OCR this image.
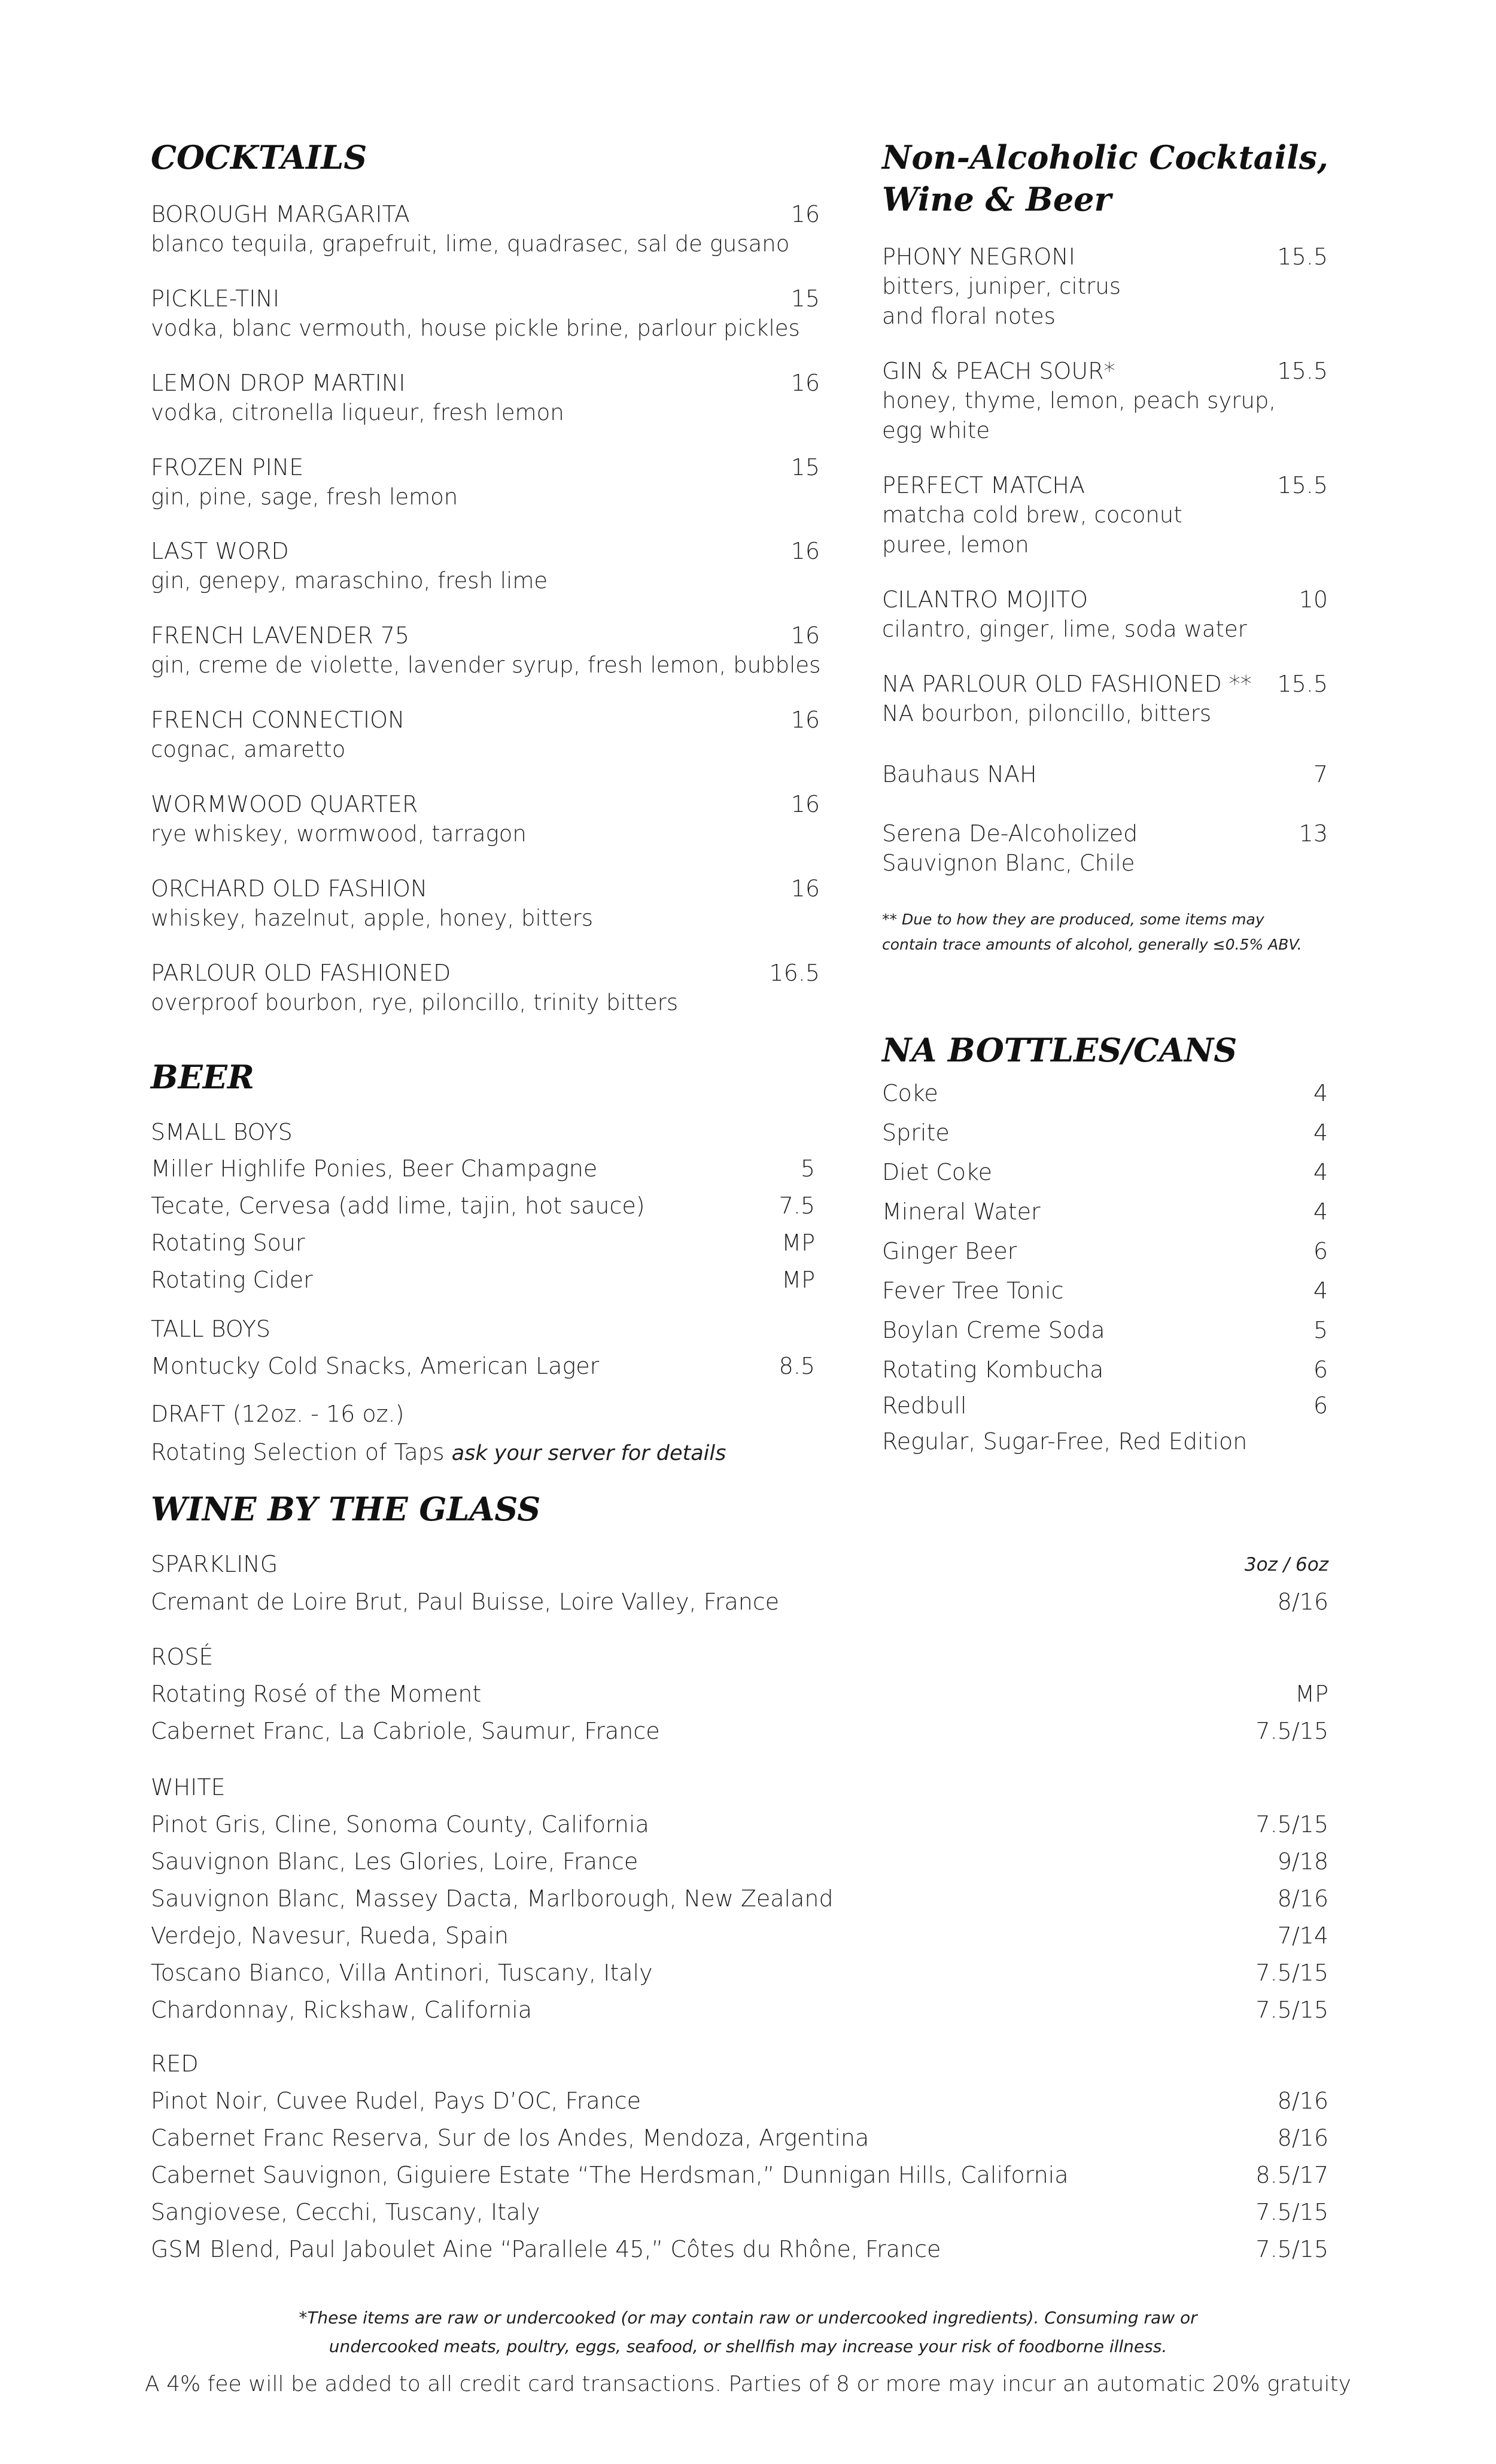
COCKTAILS
BOROUGH MARGARITA	16
blanco tequila, grapefruit, lime, quadrasec, sal de gusano
PICKLE-TINI	15
vodka, blanc vermouth, house pickle brine, parlour pickles
LEMON DROP MARTINI	16
vodka, citronella liqueur, fresh lemon
FROZEN PINE	15
gin, pine, sage, fresh lemon
LAST WORD	16
gin, genepy, maraschino, fresh lime
FRENCH LAVENDER 75	16
gin, creme de violette, lavender syrup, fresh lemon, bubbles
FRENCH CONNECTION	16
cognac, amaretto
WORMWOOD QUARTER	16
rye whiskey, wormwood, tarragon
ORCHARD OLD FASHION	16
whiskey, hazelnut, apple, honey, bitters
PARLOUR OLD FASHIONED	16.5
overproof bourbon, rye, piloncillo, trinity bitters
Non-Alcoholic Cocktails,
Wine & Beer
PHONY NEGRONI	15.5
bitters, juniper, citrus
and floral notes
GIN & PEACH SOUR*	15.5
honey, thyme, lemon, peach syrup,
egg white
PERFECT MATCHA	15.5
matcha cold brew, coconut
puree, lemon
CILANTRO MOJITO	10
cilantro, ginger, lime, soda water
NA PARLOUR OLD FASHIONED ** 15.5
NA bourbon, piloncillo, bitters
Bauhaus NAH	7
Serena De-Alcoholized	13
Sauvignon Blanc, Chile
** Due to how they are produced, some items may
contain trace amounts of alcohol, generally ≤0.5% ABV.
NA BOTTLES/CANS
Coke	4
Sprite	4
Diet Coke	4
Mineral Water	4
Ginger Beer	6
Fever Tree Tonic	4
Boylan Creme Soda	5
Rotating Kombucha	6
Redbull	6
Regular, Sugar-Free, Red Edition
BEER
SMALL BOYS
Miller Highlife Ponies, Beer Champagne	5
Tecate, Cervesa (add lime, tajin, hot sauce)	7.5
Rotating Sour	MP
Rotating Cider	MP
TALL BOYS
Montucky Cold Snacks, American Lager	8.5
DRAFT (12oz. - 16 oz.)
Rotating Selection of Taps ask your server for details
WINE BY THE GLASS
3oz / 6oz
SPARKLING
Cremant de Loire Brut, Paul Buisse, Loire Valley, France	8/16
ROSÉ
Rotating Rosé of the Moment	MP
Cabernet Franc, La Cabriole, Saumur, France	7.5/15
WHITE
Pinot Gris, Cline, Sonoma County, California	7.5/15
Sauvignon Blanc, Les Glories, Loire, France	9/18
Sauvignon Blanc, Massey Dacta, Marlborough, New Zealand	8/16
Verdejo, Navesur, Rueda, Spain	7/14
Toscano Bianco, Villa Antinori, Tuscany, Italy	7.5/15
Chardonnay, Rickshaw, California	7.5/15
RED
Pinot Noir, Cuvee Rudel, Pays D’OC, France	8/16
Cabernet Franc Reserva, Sur de los Andes, Mendoza, Argentina	8/16
Cabernet Sauvignon, Giguiere Estate “The Herdsman,” Dunnigan Hills, California	8.5/17
Sangiovese, Cecchi, Tuscany, Italy	7.5/15
GSM Blend, Paul Jaboulet Aine “Parallele 45,” Côtes du Rhône, France	7.5/15
*These items are raw or undercooked (or may contain raw or undercooked ingredients). Consuming raw or
undercooked meats, poultry, eggs, seafood, or shellfish may increase your risk of foodborne illness.
A 4% fee will be added to all credit card transactions. Parties of 8 or more may incur an automatic 20% gratuity
